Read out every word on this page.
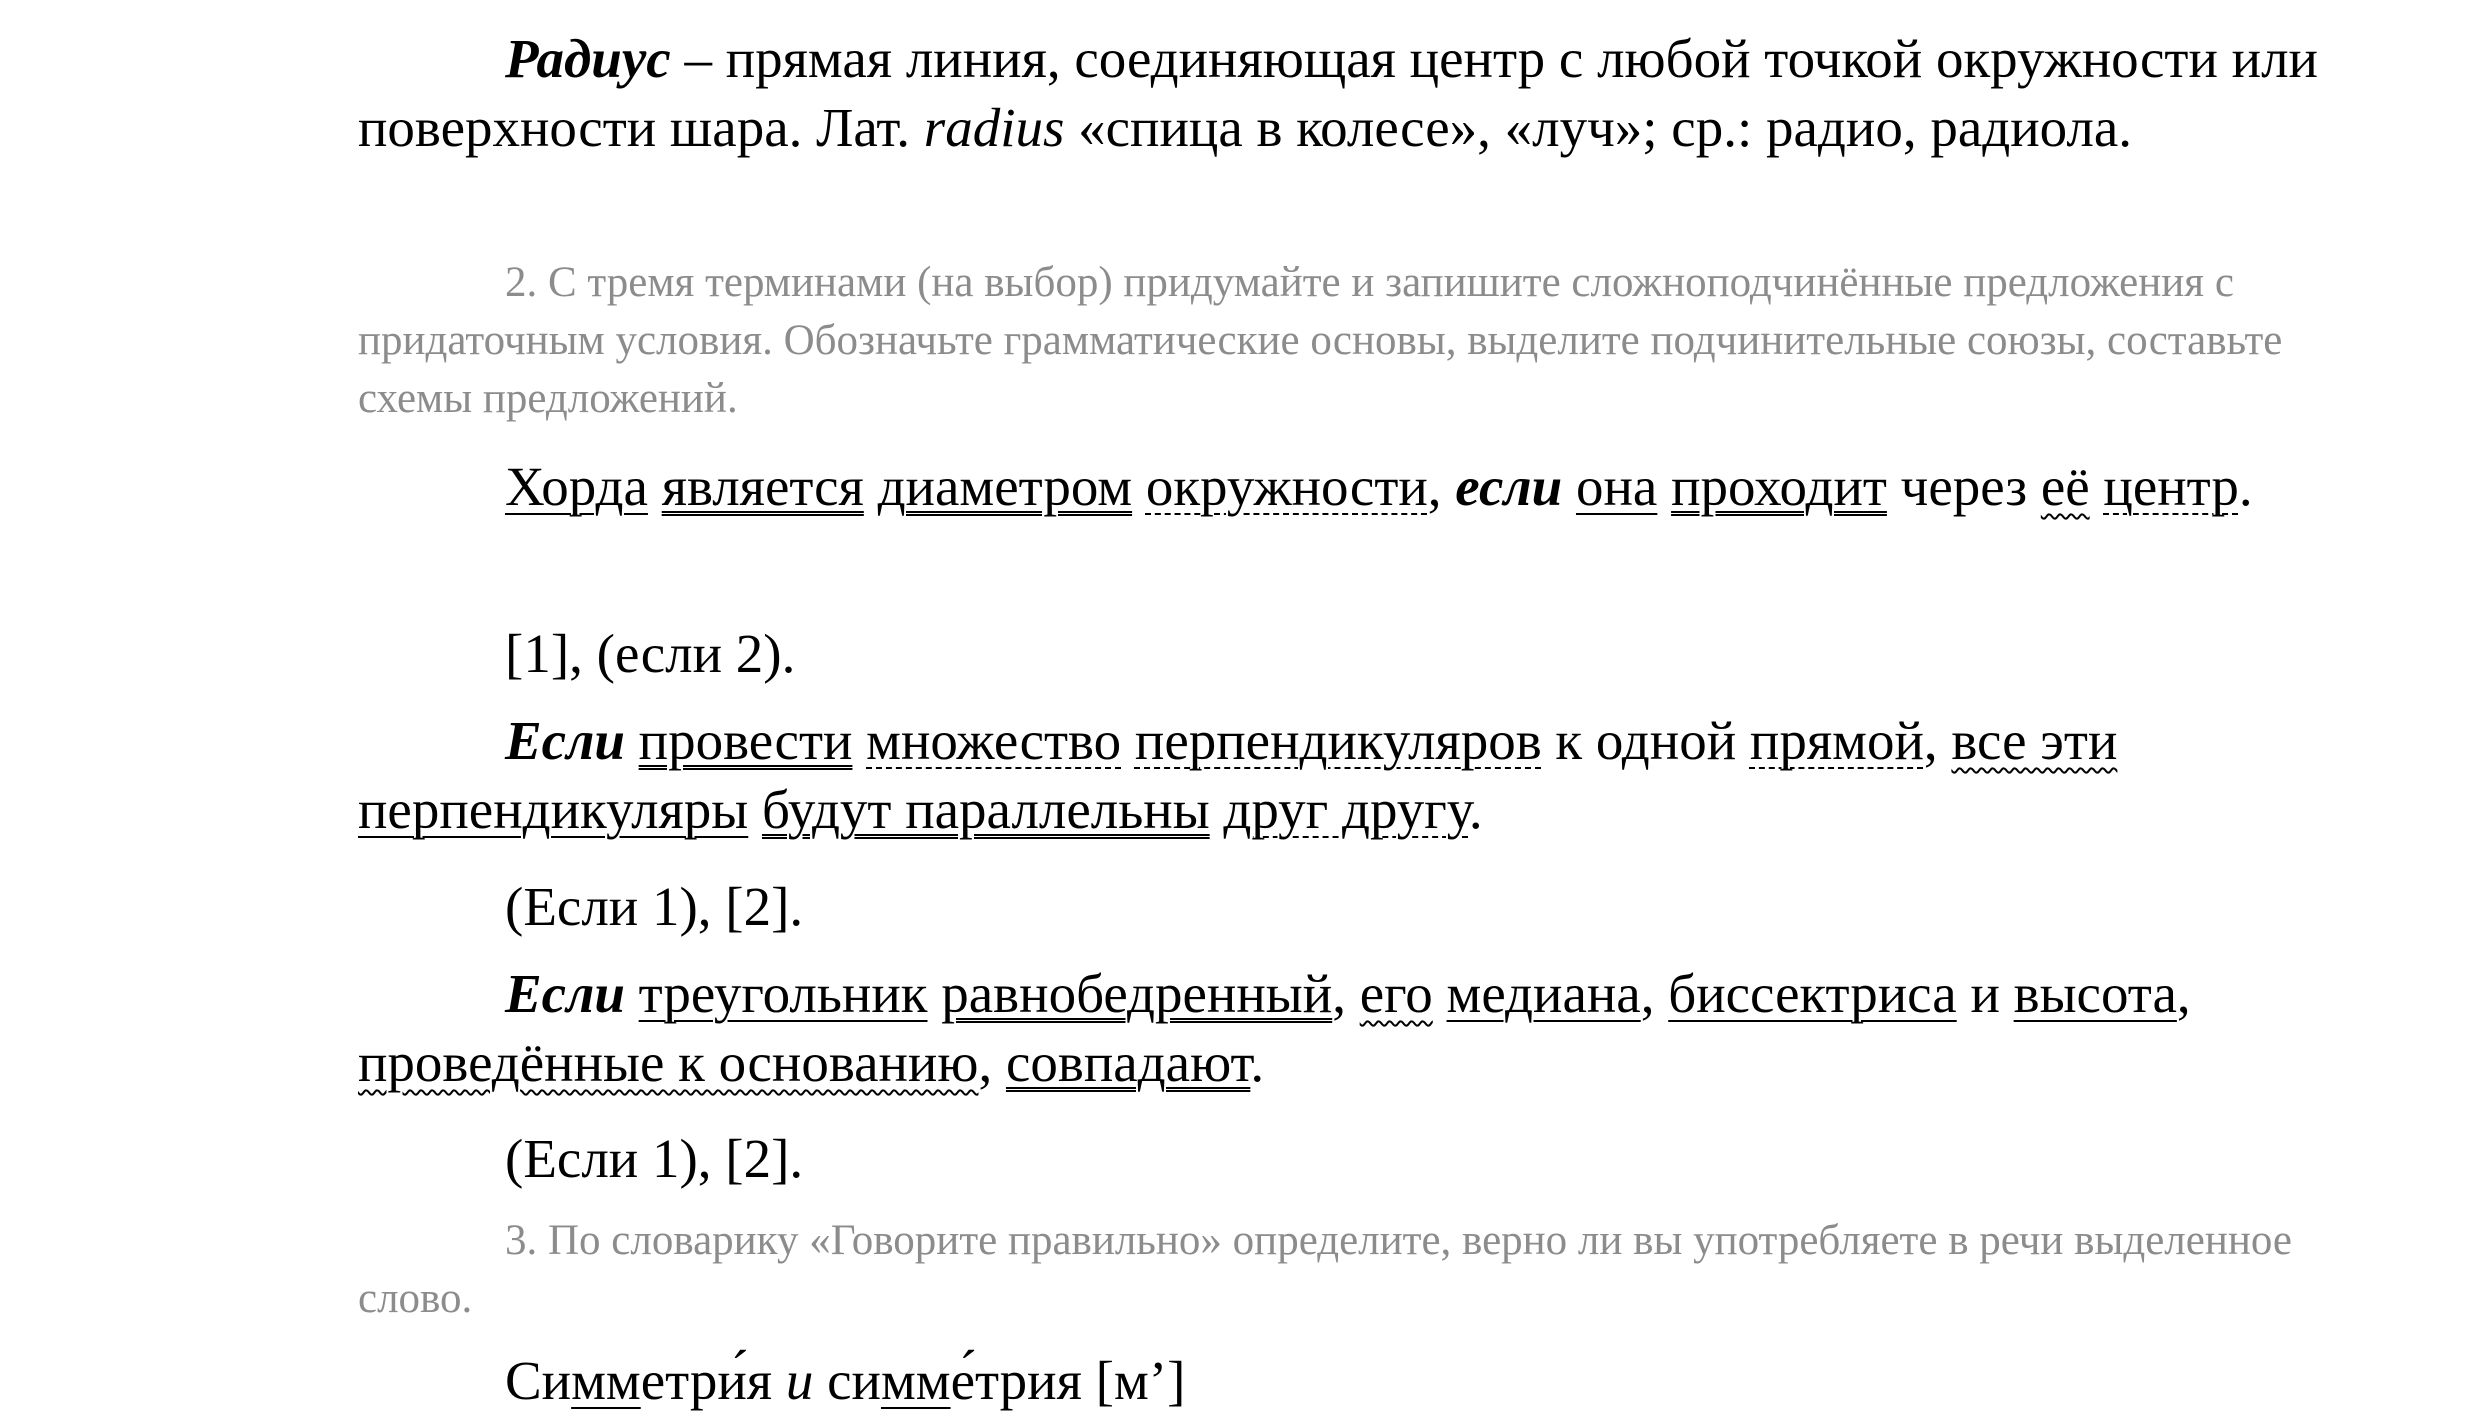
Радиус – прямая линия, соединяющая центр с любой точкой окружности или поверхности шара. Лат. radius «спица в колесе», «луч»; ср.: радио, радиола.

2. С тремя терминами (на выбор) придумайте и запишите сложноподчинённые предложения с придаточным условия. Обозначьте грамматические основы, выделите подчинительные союзы, составьте схемы предложений.

Хорда является диаметром окружности, если она проходит через её центр.

[1], (если 2).

Если провести множество перпендикуляров к одной прямой, все эти перпендикуляры будут параллельны друг другу.

(Если 1), [2].

Если треугольник равнобедренный, его медиана, биссектриса и высота, проведённые к основанию, совпадают.

(Если 1), [2].

3. По словарику «Говорите правильно» определите, верно ли вы употребляете в речи выделенное слово.

Симметри́я и симме́трия [м’]
